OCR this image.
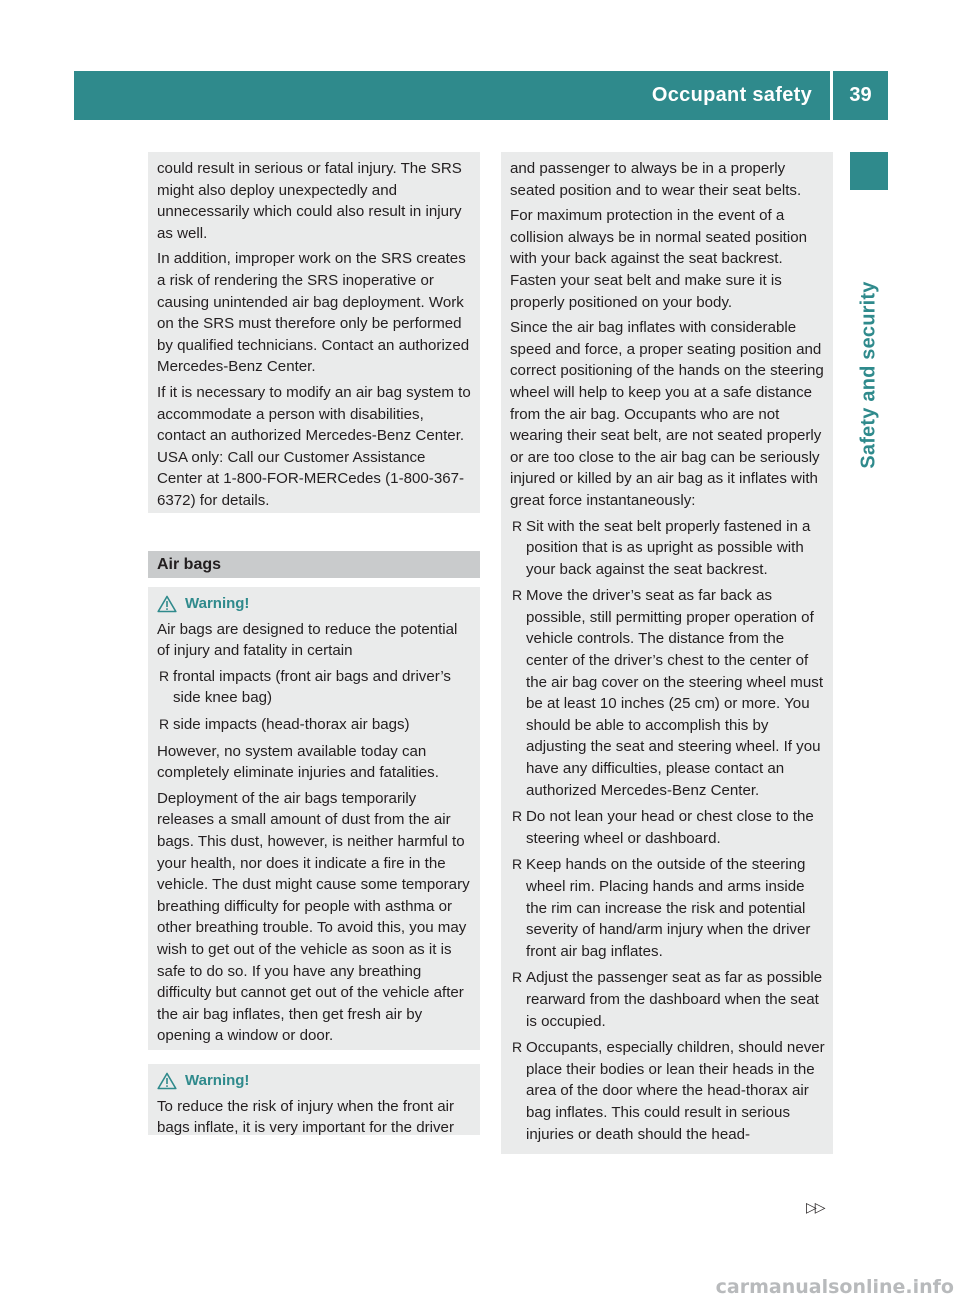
Occupant safety	39
Safety and security

could result in serious or fatal injury. The SRS might also deploy unexpectedly and unnecessarily which could also result in injury as well.

In addition, improper work on the SRS creates a risk of rendering the SRS inoperative or causing unintended air bag deployment. Work on the SRS must therefore only be performed by qualified technicians. Contact an authorized Mercedes-Benz Center.

If it is necessary to modify an air bag system to accommodate a person with disabilities, contact an authorized Mercedes-Benz Center. USA only: Call our Customer Assistance Center at 1-800-FOR-MERCedes (1-800-367-6372) for details.

Air bags
Warning!

Air bags are designed to reduce the potential of injury and fatality in certain

R frontal impacts (front air bags and driver’s side knee bag)
R side impacts (head-thorax air bags)

However, no system available today can completely eliminate injuries and fatalities.

Deployment of the air bags temporarily releases a small amount of dust from the air bags. This dust, however, is neither harmful to your health, nor does it indicate a fire in the vehicle. The dust might cause some temporary breathing difficulty for people with asthma or other breathing trouble. To avoid this, you may wish to get out of the vehicle as soon as it is safe to do so. If you have any breathing difficulty but cannot get out of the vehicle after the air bag inflates, then get fresh air by opening a window or door.

Warning!

To reduce the risk of injury when the front air bags inflate, it is very important for the driver

and passenger to always be in a properly seated position and to wear their seat belts.

For maximum protection in the event of a collision always be in normal seated position with your back against the seat backrest. Fasten your seat belt and make sure it is properly positioned on your body.

Since the air bag inflates with considerable speed and force, a proper seating position and correct positioning of the hands on the steering wheel will help to keep you at a safe distance from the air bag. Occupants who are not wearing their seat belt, are not seated properly or are too close to the air bag can be seriously injured or killed by an air bag as it inflates with great force instantaneously:

R Sit with the seat belt properly fastened in a position that is as upright as possible with your back against the seat backrest.
R Move the driver’s seat as far back as possible, still permitting proper operation of vehicle controls. The distance from the center of the driver’s chest to the center of the air bag cover on the steering wheel must be at least 10 inches (25 cm) or more. You should be able to accomplish this by adjusting the seat and steering wheel. If you have any difficulties, please contact an authorized Mercedes-Benz Center.
R Do not lean your head or chest close to the steering wheel or dashboard.
R Keep hands on the outside of the steering wheel rim. Placing hands and arms inside the rim can increase the risk and potential severity of hand/arm injury when the driver front air bag inflates.
R Adjust the passenger seat as far as possible rearward from the dashboard when the seat is occupied.
R Occupants, especially children, should never place their bodies or lean their heads in the area of the door where the head-thorax air bag inflates. This could result in serious injuries or death should the head-
▷▷
carmanualsonline.info
